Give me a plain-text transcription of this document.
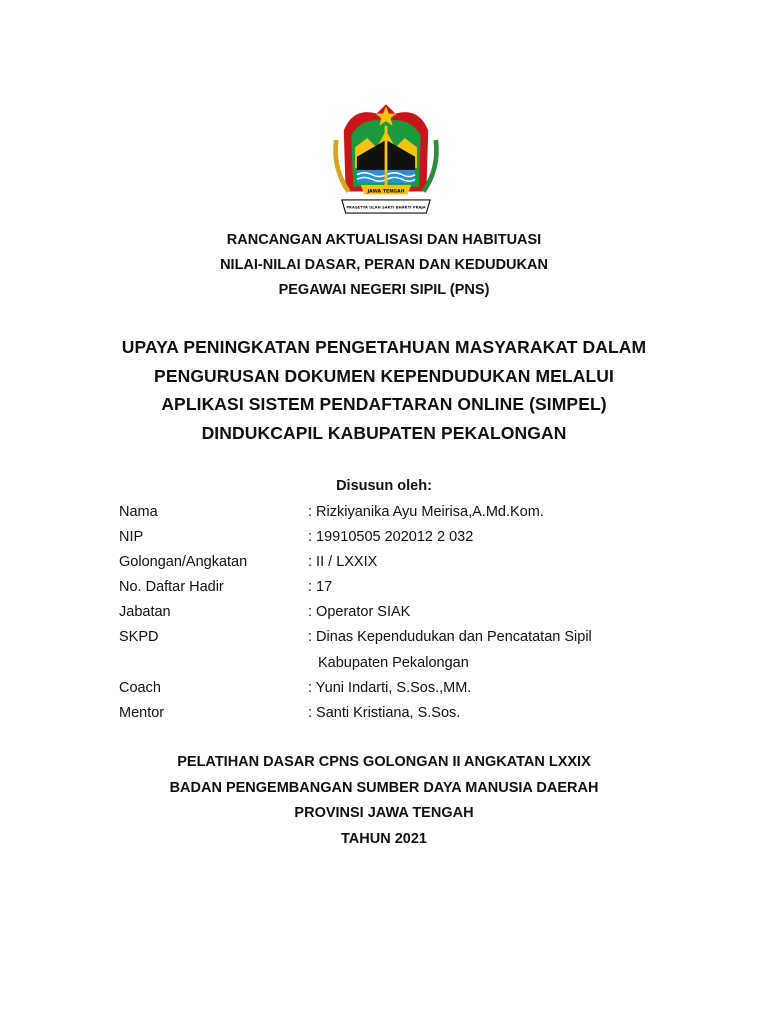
JAWA TENGAH
PRASETYA ULAH SAKTI BHAKTI PRAJA
RANCANGAN AKTUALISASI DAN HABITUASI
NILAI-NILAI DASAR, PERAN DAN KEDUDUKAN
PEGAWAI NEGERI SIPIL (PNS)
UPAYA PENINGKATAN PENGETAHUAN MASYARAKAT DALAM
PENGURUSAN DOKUMEN KEPENDUDUKAN MELALUI
APLIKASI SISTEM PENDAFTARAN ONLINE (SIMPEL)
DINDUKCAPIL KABUPATEN PEKALONGAN
Disusun oleh:
Nama	: Rizkiyanika Ayu Meirisa,A.Md.Kom.
NIP	: 19910505 202012 2 032
Golongan/Angkatan	: II / LXXIX
No. Daftar Hadir	: 17
Jabatan	: Operator SIAK
SKPD	: Dinas Kependudukan dan Pencatatan Sipil
Kabupaten Pekalongan
Coach	: Yuni Indarti, S.Sos.,MM.
Mentor	: Santi Kristiana, S.Sos.
PELATIHAN DASAR CPNS GOLONGAN II ANGKATAN LXXIX
BADAN PENGEMBANGAN SUMBER DAYA MANUSIA DAERAH
PROVINSI JAWA TENGAH
TAHUN 2021
